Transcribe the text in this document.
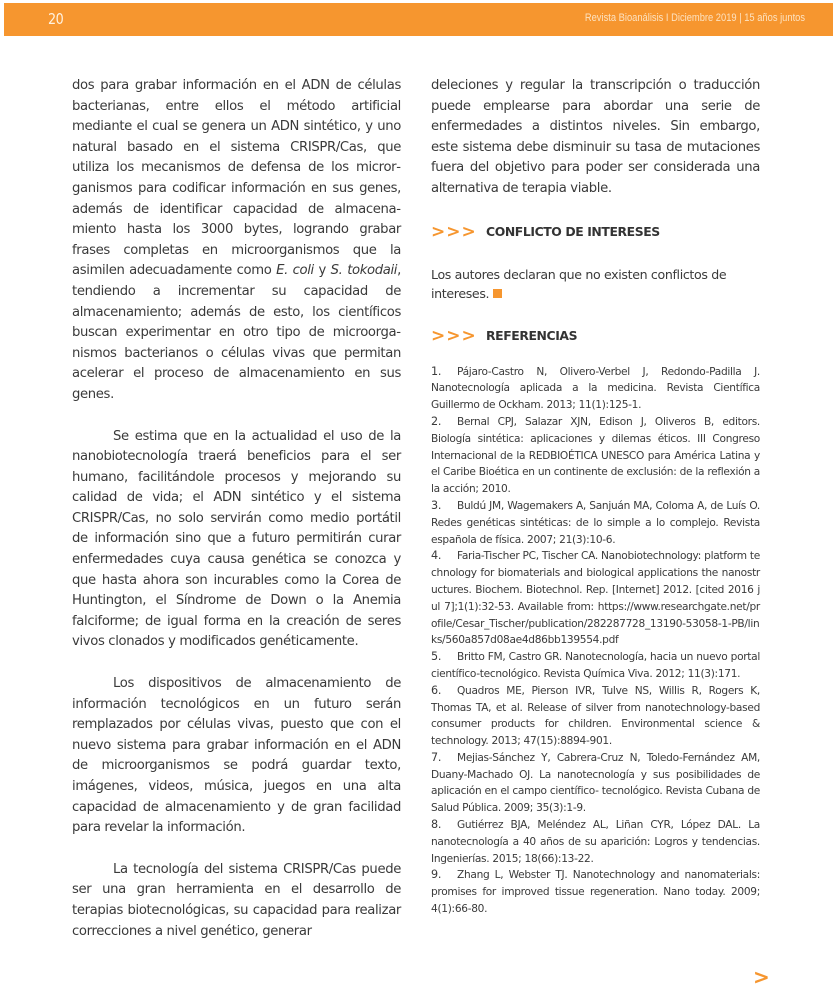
20	Revista Bioanálisis I Diciembre 2019 | 15 años juntos

dos para grabar información en el ADN de células bacterianas, entre ellos el método artificial mediante el cual se genera un ADN sintético, y uno natural basado en el sistema CRISPR/Cas, que utiliza los mecanismos de defensa de los microrganismos para codificar información en sus genes, además de identificar capacidad de almacenamiento hasta los 3000 bytes, logrando grabar frases completas en microorganismos que la asimilen adecuadamente como E. coli y S. tokodaii, tendiendo a incrementar su capacidad de almacenamiento; además de esto, los científicos buscan experimentar en otro tipo de microorganismos bacterianos o células vivas que permitan acelerar el proceso de almacenamiento en sus genes.

Se estima que en la actualidad el uso de la nanobiotecnología traerá beneficios para el ser humano, facilitándole procesos y mejorando su calidad de vida; el ADN sintético y el sistema CRISPR/Cas, no solo servirán como medio portátil de información sino que a futuro permitirán curar enfermedades cuya causa genética se conozca y que hasta ahora son incurables como la Corea de Huntington, el Síndrome de Down o la Anemia falciforme; de igual forma en la creación de seres vivos clonados y modificados genéticamente.

Los dispositivos de almacenamiento de información tecnológicos en un futuro serán remplazados por células vivas, puesto que con el nuevo sistema para grabar información en el ADN de microorganismos se podrá guardar texto, imágenes, videos, música, juegos en una alta capacidad de almacenamiento y de gran facilidad para revelar la información.

La tecnología del sistema CRISPR/Cas puede ser una gran herramienta en el desarrollo de terapias biotecnológicas, su capacidad para realizar correcciones a nivel genético, generar

deleciones y regular la transcripción o traducción puede emplearse para abordar una serie de enfermedades a distintos niveles. Sin embargo, este sistema debe disminuir su tasa de mutaciones fuera del objetivo para poder ser considerada una alternativa de terapia viable.

>>> CONFLICTO DE INTERESES

Los autores declaran que no existen conflictos de intereses.

>>> REFERENCIAS

1. Pájaro-Castro N, Olivero-Verbel J, Redondo-Padilla J. Nanotecnología aplicada a la medicina. Revista Científica Guillermo de Ockham. 2013; 11(1):125-1.

2. Bernal CPJ, Salazar XJN, Edison J, Oliveros B, editors. Biología sintética: aplicaciones y dilemas éticos. III Congreso Internacional de la REDBIOÉTICA UNESCO para América Latina y el Caribe Bioética en un continente de exclusión: de la reflexión a la acción; 2010.

3. Buldú JM, Wagemakers A, Sanjuán MA, Coloma A, de Luís O. Redes genéticas sintéticas: de lo simple a lo complejo. Revista española de física. 2007; 21(3):10-6.

4. Faria-Tischer PC, Tischer CA. Nanobiotechnology: platform technology for biomaterials and biological applications the nanostructures. Biochem. Biotechnol. Rep. [Internet] 2012. [cited 2016 jul 7];1(1):32-53. Available from: https://www.researchgate.net/profile/Cesar_Tischer/publication/282287728_13190-53058-1-PB/links/560a857d08ae4d86bb139554.pdf

5. Britto FM, Castro GR. Nanotecnología, hacia un nuevo portal científico-tecnológico. Revista Química Viva. 2012; 11(3):171.

6. Quadros ME, Pierson IVR, Tulve NS, Willis R, Rogers K, Thomas TA, et al. Release of silver from nanotechnology-based consumer products for children. Environmental science & technology. 2013; 47(15):8894-901.

7. Mejias-Sánchez Y, Cabrera-Cruz N, Toledo-Fernández AM, Duany-Machado OJ. La nanotecnología y sus posibilidades de aplicación en el campo científico- tecnológico. Revista Cubana de Salud Pública. 2009; 35(3):1-9.

8. Gutiérrez BJA, Meléndez AL, Liñan CYR, López DAL. La nanotecnología a 40 años de su aparición: Logros y tendencias. Ingenierías. 2015; 18(66):13-22.

9. Zhang L, Webster TJ. Nanotechnology and nanomaterials: promises for improved tissue regeneration. Nano today. 2009; 4(1):66-80.

>
